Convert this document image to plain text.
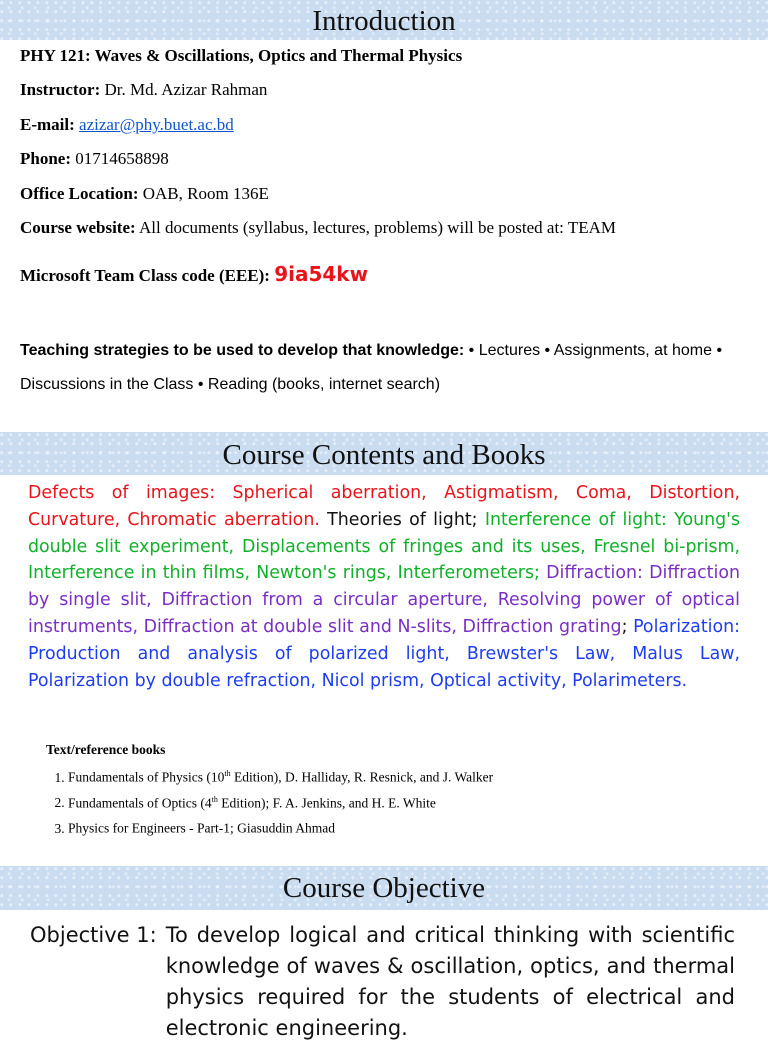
Introduction
PHY 121: Waves & Oscillations, Optics and Thermal Physics
Instructor: Dr. Md. Azizar Rahman
E-mail: azizar@phy.buet.ac.bd
Phone: 01714658898
Office Location: OAB, Room 136E
Course website: All documents (syllabus, lectures, problems) will be posted at: TEAM
Microsoft Team Class code (EEE): 9ia54kw
Teaching strategies to be used to develop that knowledge: • Lectures • Assignments, at home • Discussions in the Class • Reading (books, internet search)
Course Contents and Books
Defects of images: Spherical aberration, Astigmatism, Coma, Distortion, Curvature, Chromatic aberration. Theories of light; Interference of light: Young's double slit experiment, Displacements of fringes and its uses, Fresnel bi-prism, Interference in thin films, Newton's rings, Interferometers; Diffraction: Diffraction by single slit, Diffraction from a circular aperture, Resolving power of optical instruments, Diffraction at double slit and N-slits, Diffraction grating; Polarization: Production and analysis of polarized light, Brewster's Law, Malus Law, Polarization by double refraction, Nicol prism, Optical activity, Polarimeters.
Text/reference books
1. Fundamentals of Physics (10th Edition), D. Halliday, R. Resnick, and J. Walker
2. Fundamentals of Optics (4th Edition); F. A. Jenkins, and H. E. White
3. Physics for Engineers - Part-1; Giasuddin Ahmad
Course Objective
Objective 1: To develop logical and critical thinking with scientific knowledge of waves & oscillation, optics, and thermal physics required for the students of electrical and electronic engineering.
